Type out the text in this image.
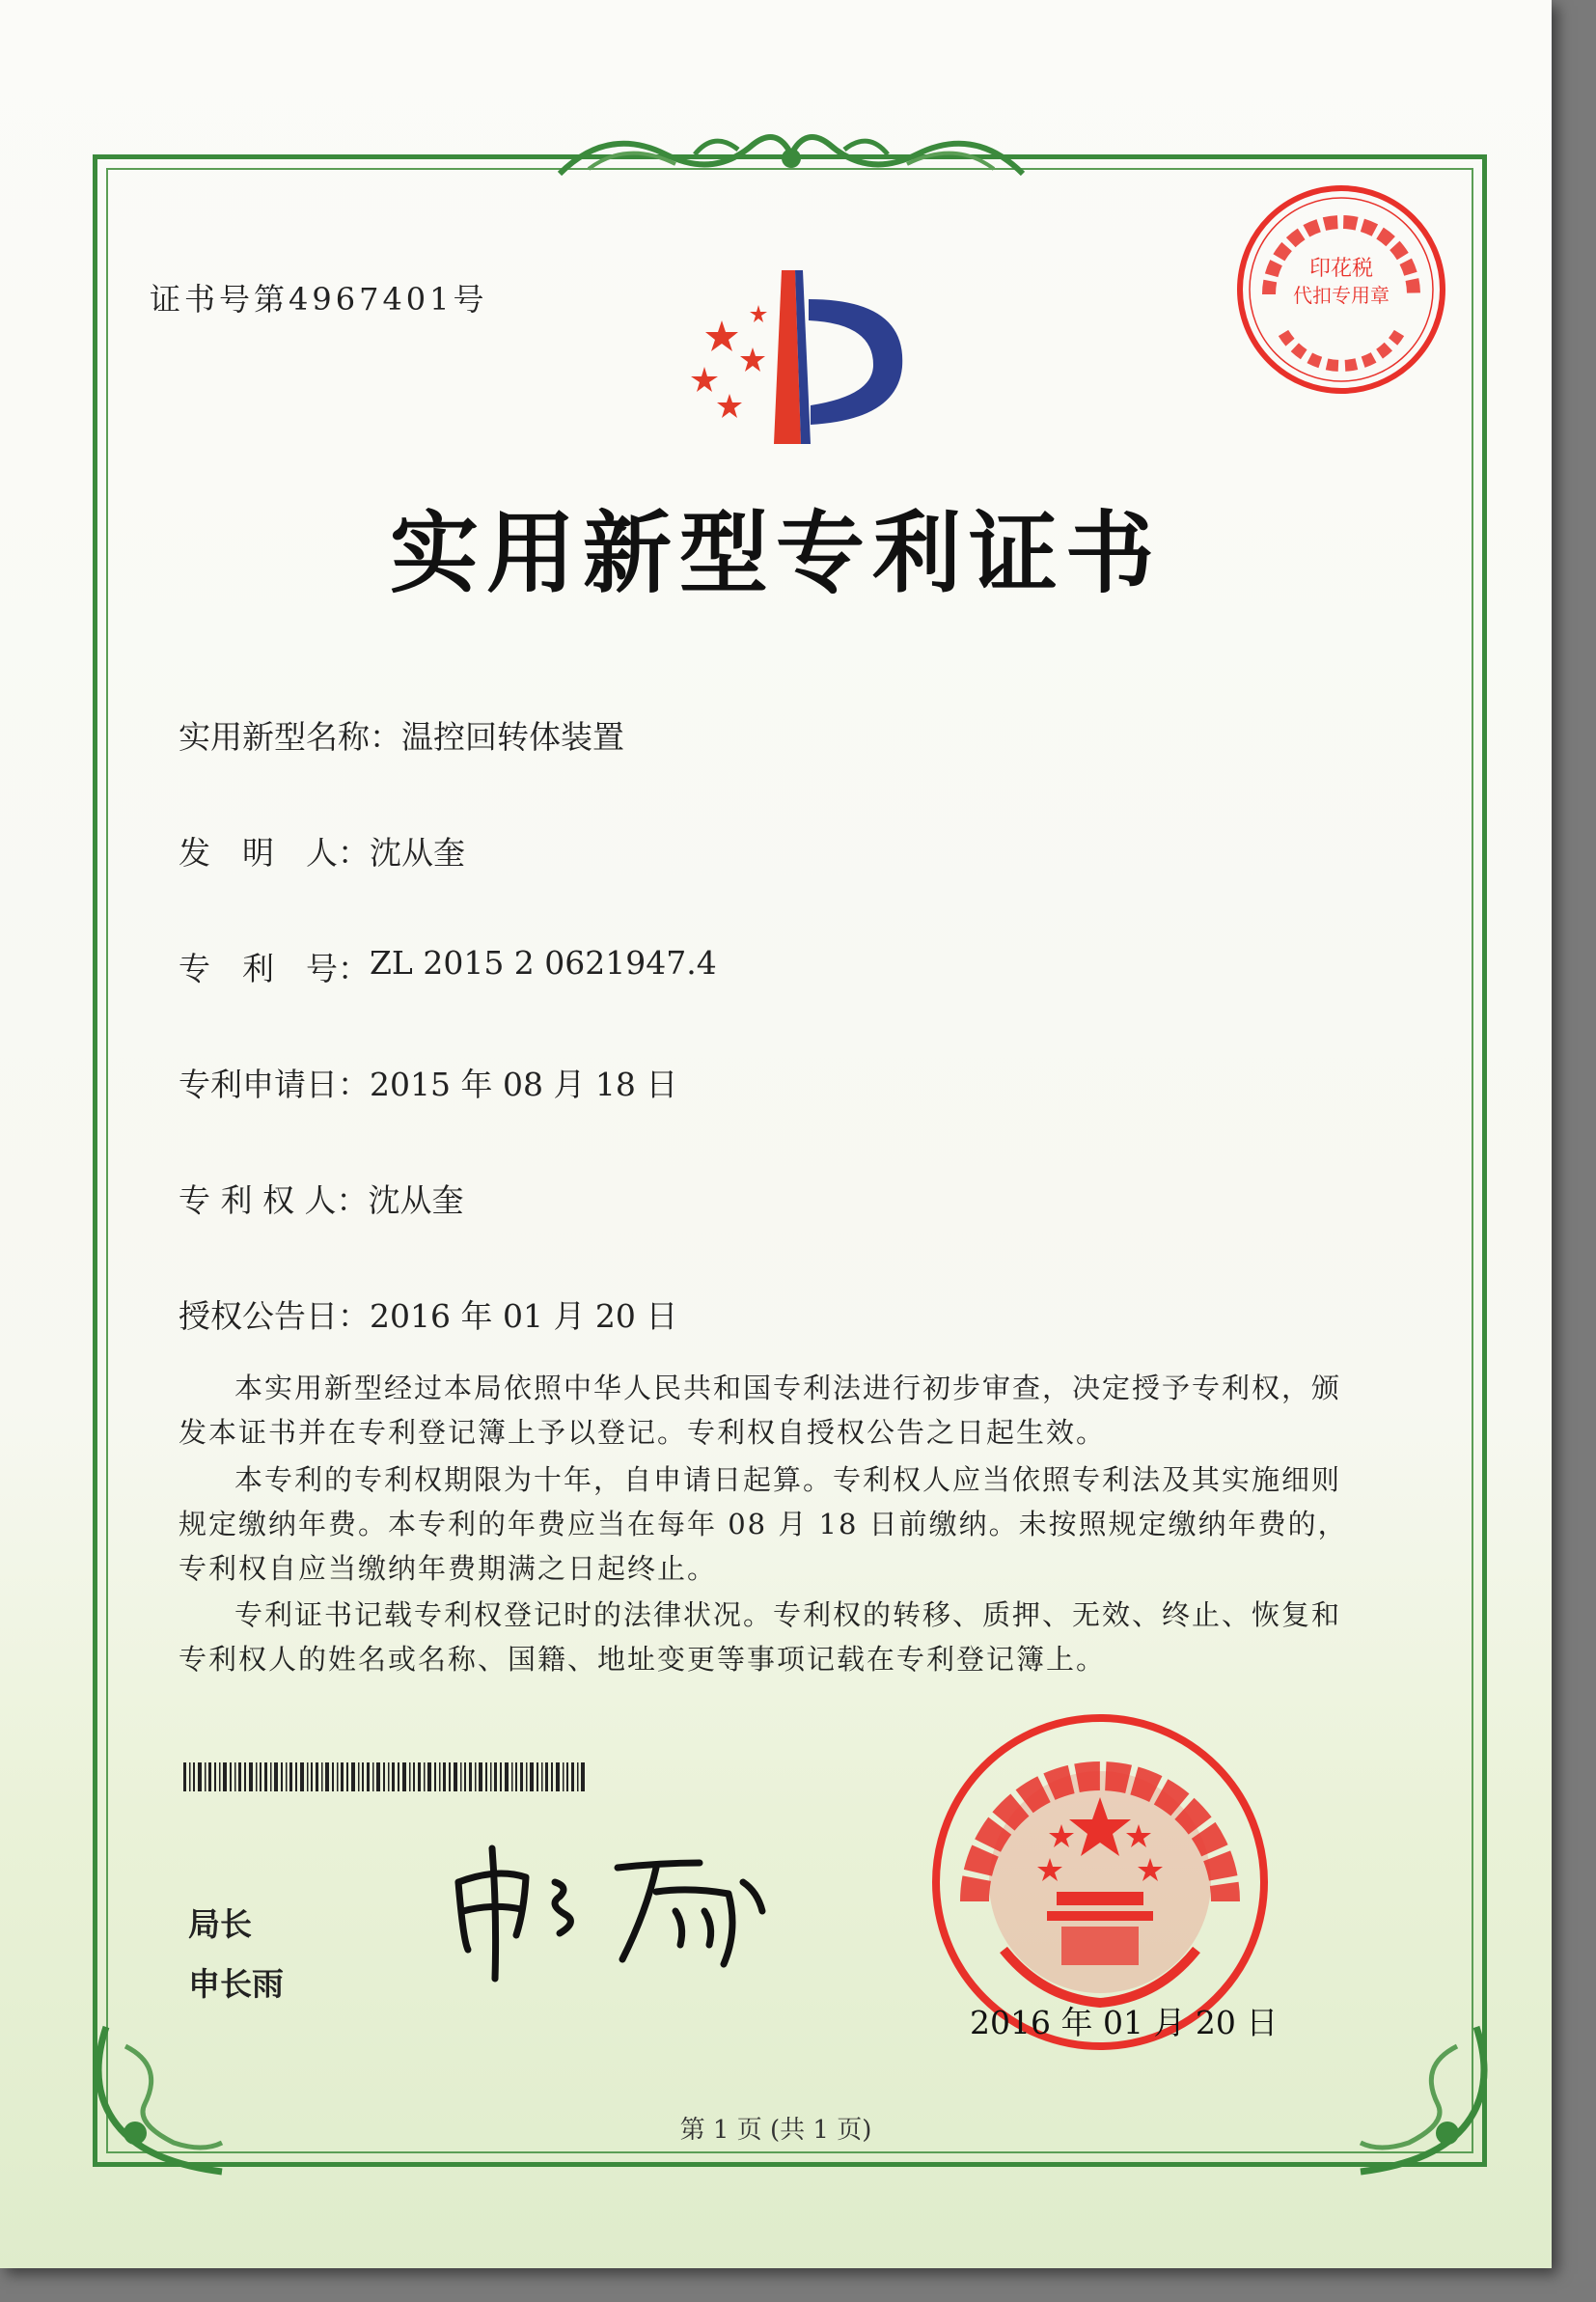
证书号第4967401号
印花税
代扣专用章
实用新型专利证书
实用新型名称： 温控回转体装置
发　明　人： 沈从奎
专　利　号： ZL 2015 2 0621947.4
专利申请日： 2015 年 08 月 18 日
专 利 权 人： 沈从奎
授权公告日： 2016 年 01 月 20 日
本实用新型经过本局依照中华人民共和国专利法进行初步审查，决定授予专利权，颁发本证书并在专利登记簿上予以登记。专利权自授权公告之日起生效。
本专利的专利权期限为十年，自申请日起算。专利权人应当依照专利法及其实施细则规定缴纳年费。本专利的年费应当在每年 08 月 18 日前缴纳。未按照规定缴纳年费的，专利权自应当缴纳年费期满之日起终止。
专利证书记载专利权登记时的法律状况。专利权的转移、质押、无效、终止、恢复和专利权人的姓名或名称、国籍、地址变更等事项记载在专利登记簿上。
局长
申长雨
2016 年 01 月 20 日
第 1 页 (共 1 页)
